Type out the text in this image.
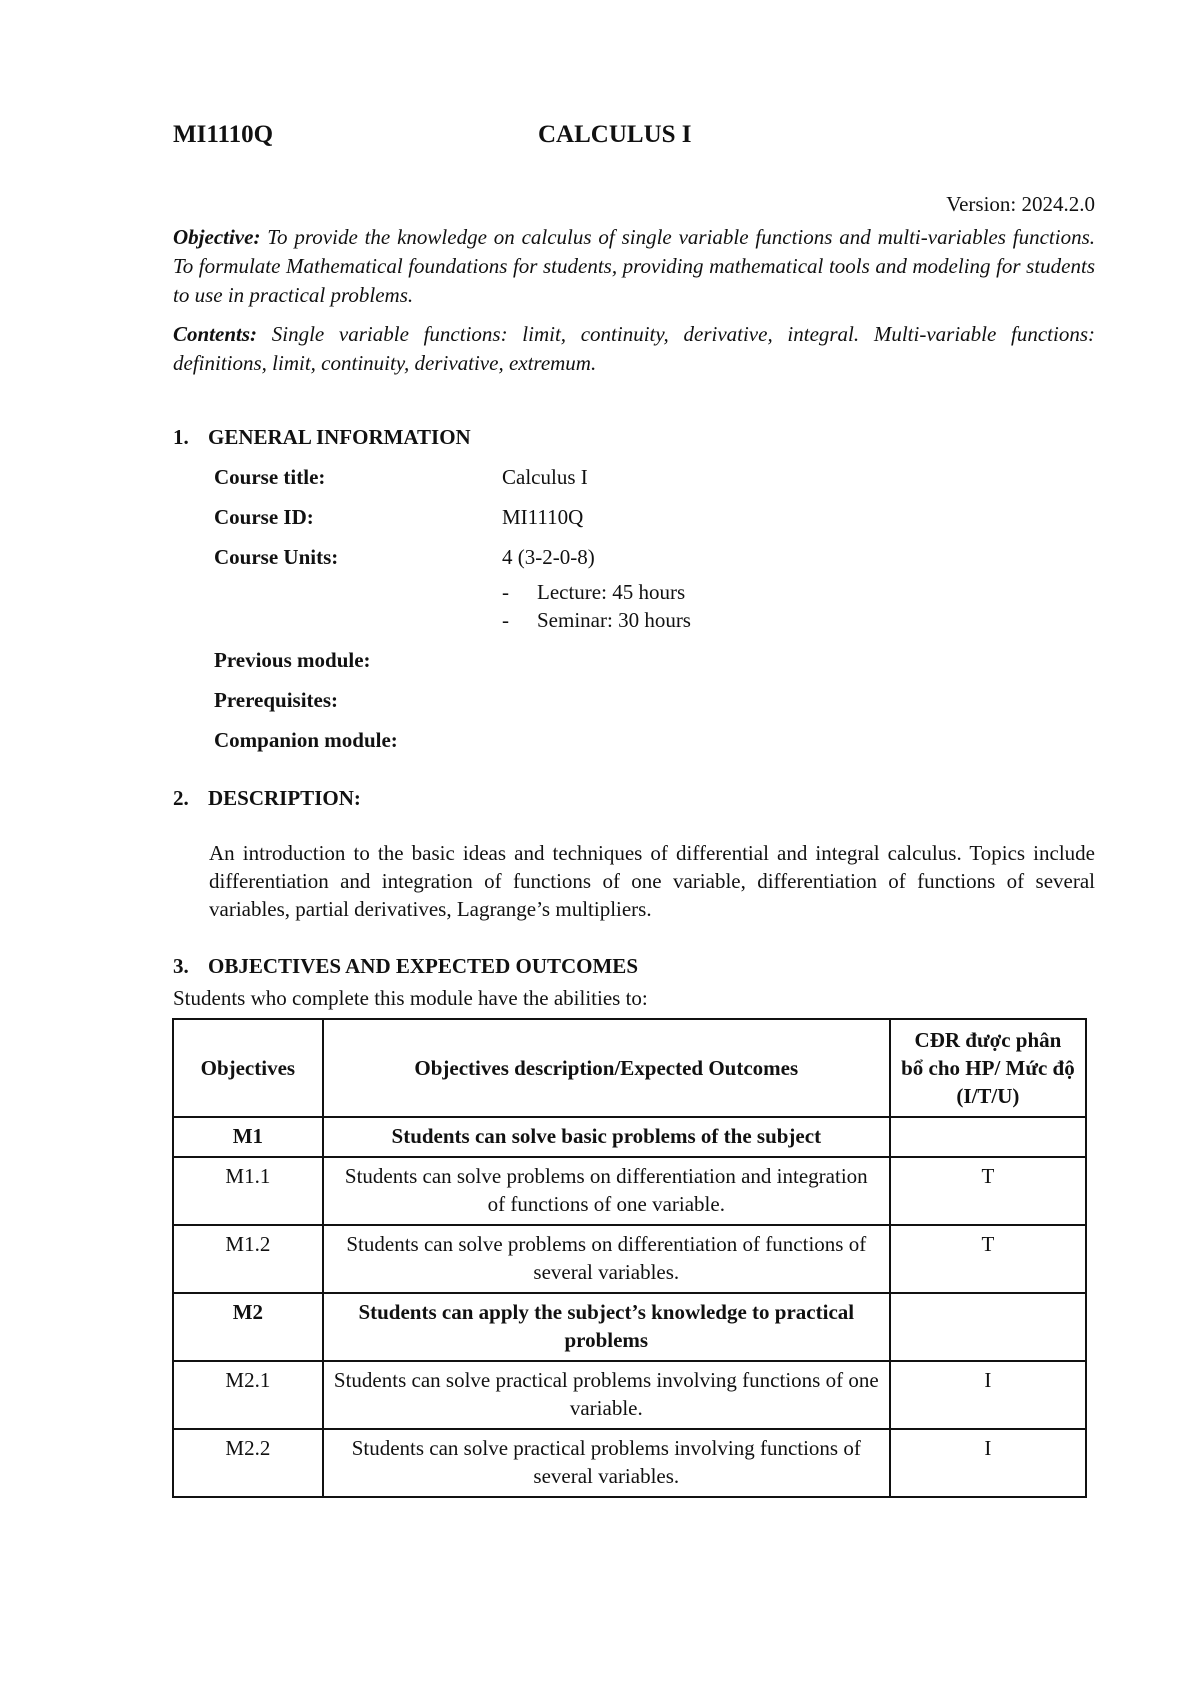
MI1110Q	CALCULUS I
Version: 2024.2.0
Objective: To provide the knowledge on calculus of single variable functions and multi-variables functions. To formulate Mathematical foundations for students, providing mathematical tools and modeling for students to use in practical problems.
Contents: Single variable functions: limit, continuity, derivative, integral. Multi-variable functions: definitions, limit, continuity, derivative, extremum.
1. GENERAL INFORMATION
Course title:	Calculus I
Course ID:	MI1110Q
Course Units:	4 (3-2-0-8)
- Lecture: 45 hours
- Seminar: 30 hours
Previous module:
Prerequisites:
Companion module:
2. DESCRIPTION:
An introduction to the basic ideas and techniques of differential and integral calculus. Topics include differentiation and integration of functions of one variable, differentiation of functions of several variables, partial derivatives, Lagrange’s multipliers.
3. OBJECTIVES AND EXPECTED OUTCOMES
Students who complete this module have the abilities to:
Objectives	Objectives description/Expected Outcomes	CĐR được phân bổ cho HP/ Mức độ (I/T/U)
M1	Students can solve basic problems of the subject	
M1.1	Students can solve problems on differentiation and integration of functions of one variable.	T
M1.2	Students can solve problems on differentiation of functions of several variables.	T
M2	Students can apply the subject’s knowledge to practical problems	
M2.1	Students can solve practical problems involving functions of one variable.	I
M2.2	Students can solve practical problems involving functions of several variables.	I
